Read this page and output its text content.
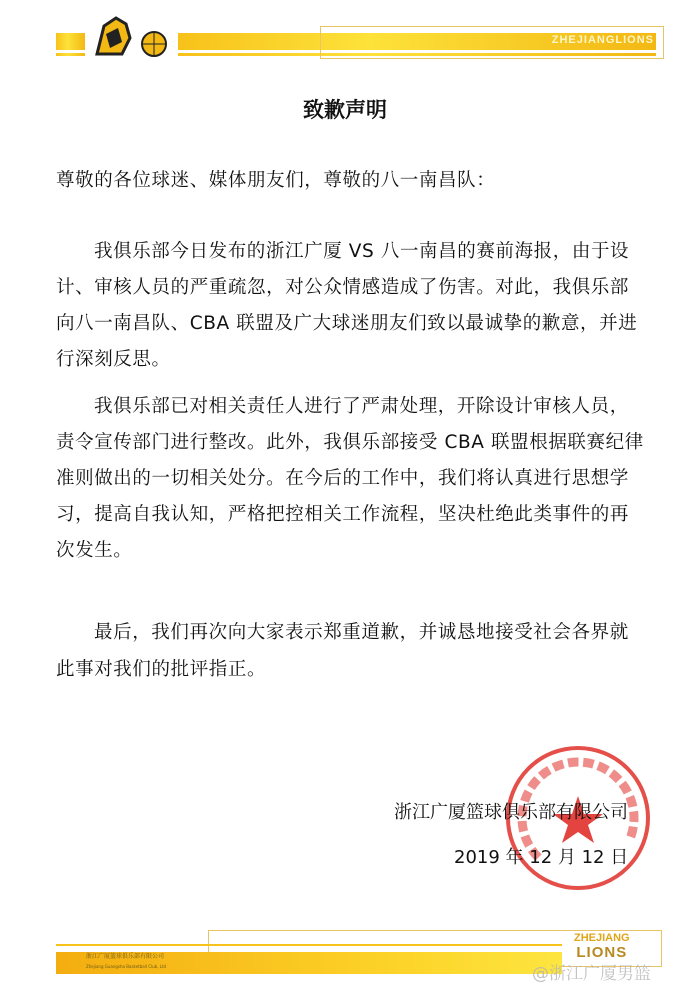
ZHEJIANGLIONS
致歉声明
尊敬的各位球迷、媒体朋友们，尊敬的八一南昌队：
我俱乐部今日发布的浙江广厦 VS 八一南昌的赛前海报，由于设
计、审核人员的严重疏忽，对公众情感造成了伤害。对此，我俱乐部
向八一南昌队、CBA 联盟及广大球迷朋友们致以最诚挚的歉意，并进
行深刻反思。
我俱乐部已对相关责任人进行了严肃处理，开除设计审核人员，
责令宣传部门进行整改。此外，我俱乐部接受 CBA 联盟根据联赛纪律
准则做出的一切相关处分。在今后的工作中，我们将认真进行思想学
习，提高自我认知，严格把控相关工作流程，坚决杜绝此类事件的再
次发生。
最后，我们再次向大家表示郑重道歉，并诚恳地接受社会各界就
此事对我们的批评指正。
浙江广厦篮球俱乐部有限公司
2019 年 12 月 12 日
浙江广厦篮球俱乐部有限公司
Zhejiang Guangsha Basketball Club, Ltd
ZHEJIANG
LIONS
@浙江广厦男篮
